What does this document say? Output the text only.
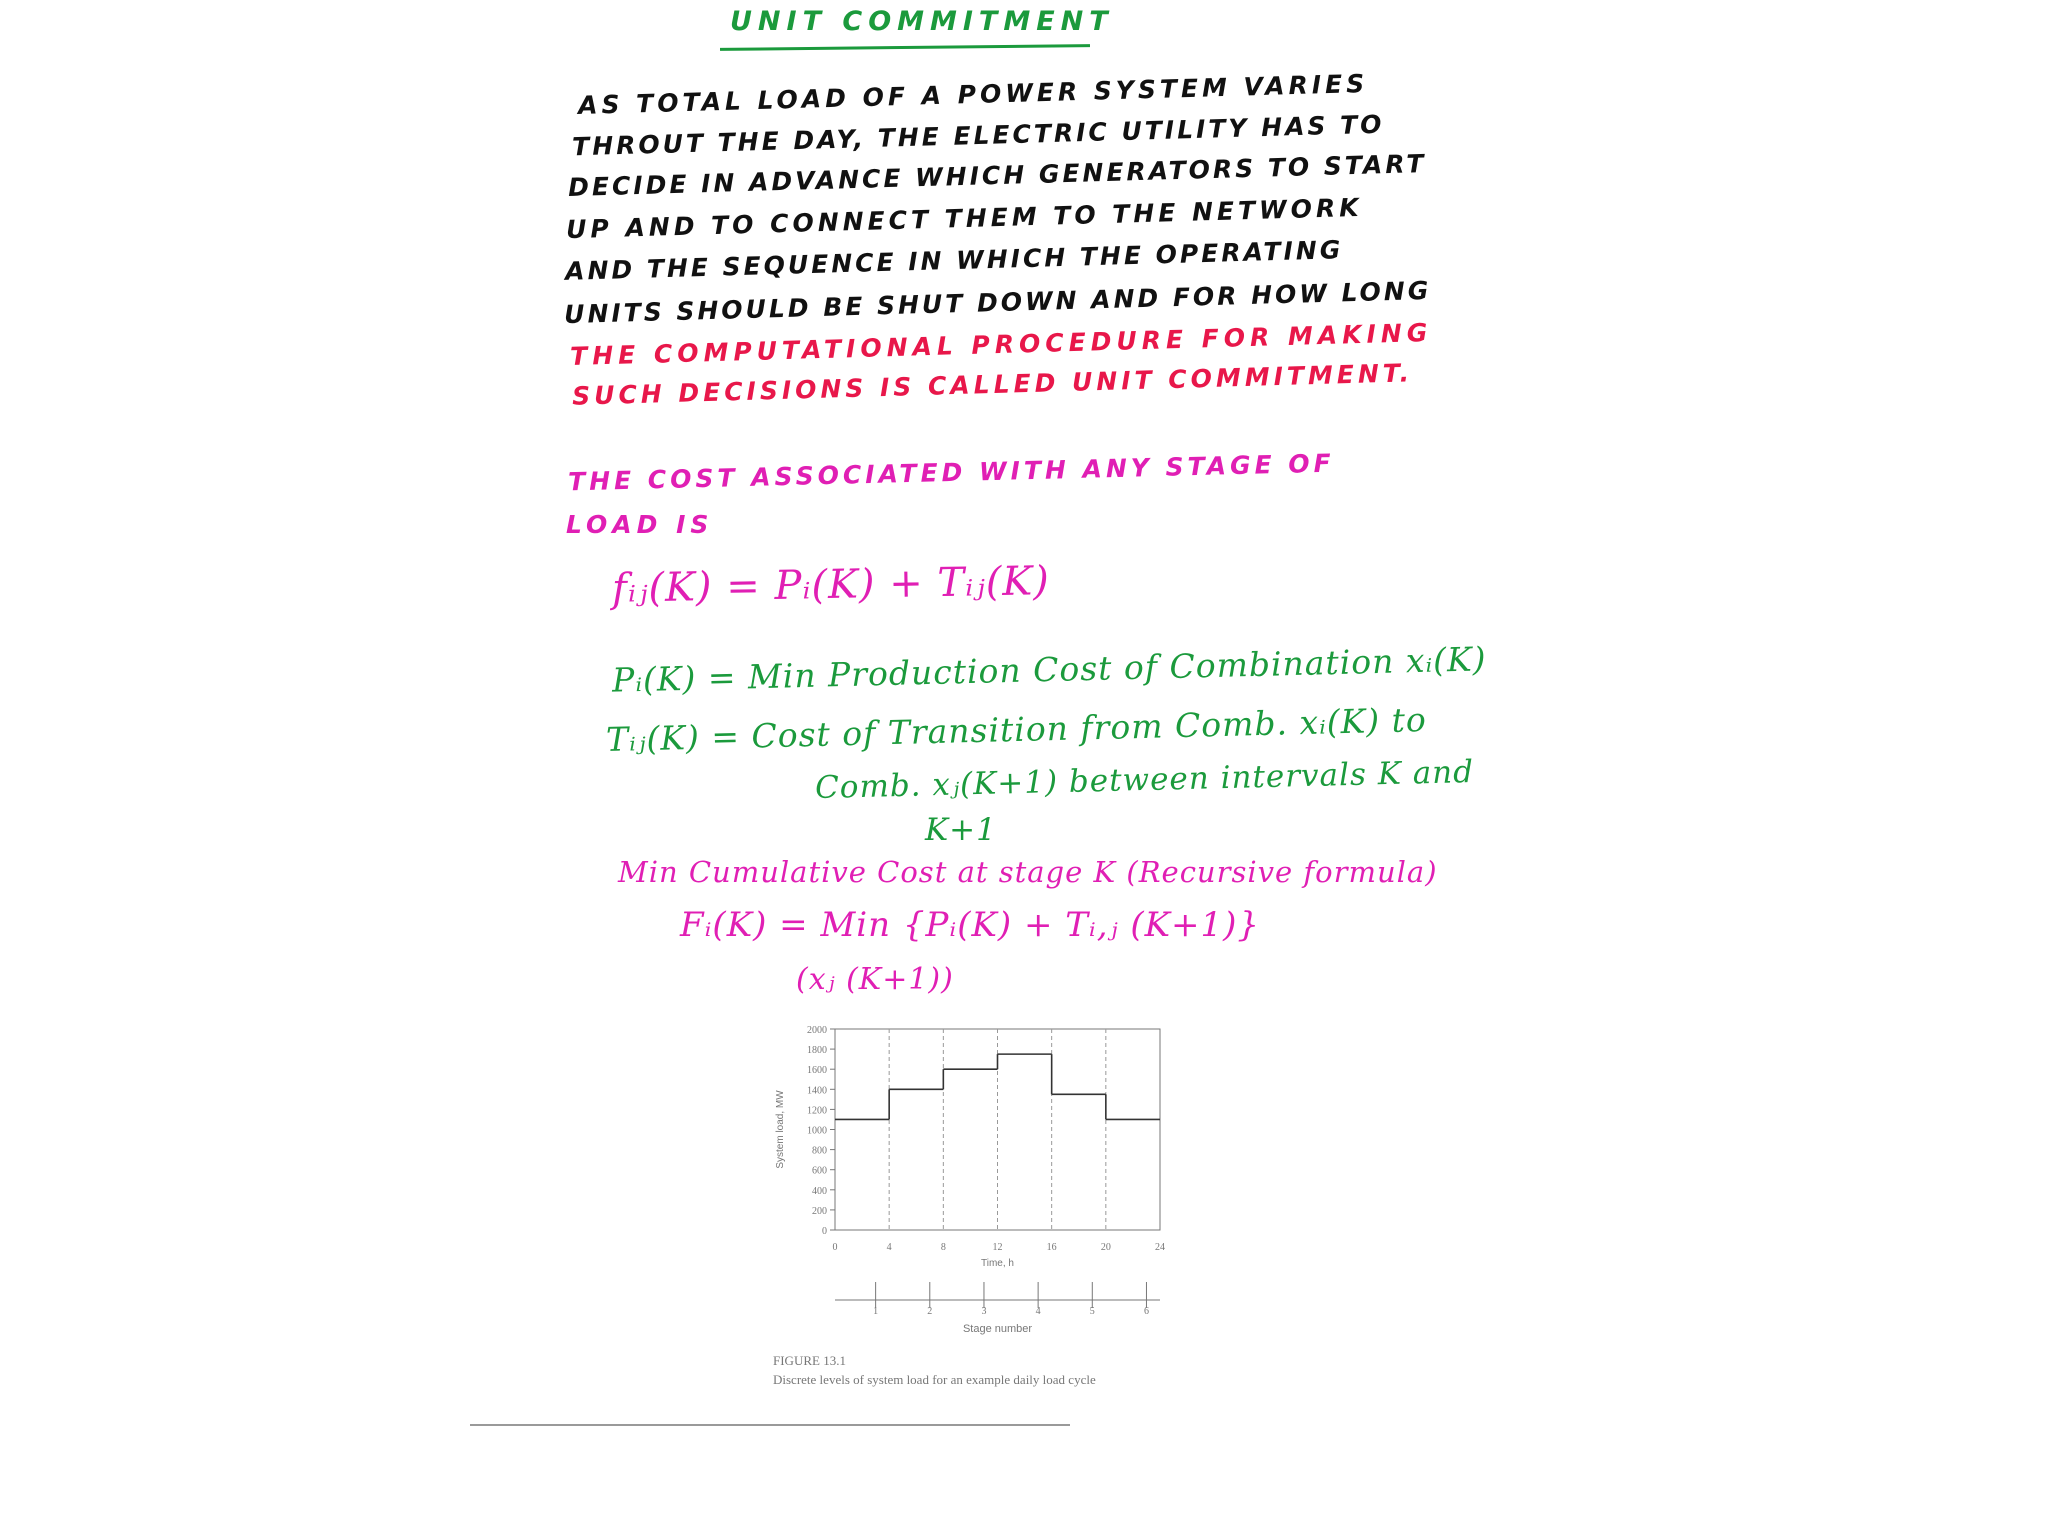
UNIT COMMITMENT
AS TOTAL LOAD OF A POWER SYSTEM VARIES
THROUT THE DAY, THE ELECTRIC UTILITY HAS TO
DECIDE IN ADVANCE WHICH GENERATORS TO START
UP AND TO CONNECT THEM TO THE NETWORK
AND THE SEQUENCE IN WHICH THE OPERATING
UNITS SHOULD BE SHUT DOWN AND FOR HOW LONG
THE COMPUTATIONAL PROCEDURE FOR MAKING
SUCH DECISIONS IS CALLED UNIT COMMITMENT.
THE COST ASSOCIATED WITH ANY STAGE OF
LOAD IS
fᵢⱼ(K) = Pᵢ(K) + Tᵢⱼ(K)
Pᵢ(K) = Min Production Cost of Combination xᵢ(K)
Tᵢⱼ(K) = Cost of Transition from Comb. xᵢ(K) to
Comb. xⱼ(K+1) between intervals K and
K+1
Min Cumulative Cost at stage K (Recursive formula)
Fᵢ(K) = Min {Pᵢ(K) + Tᵢ,ⱼ (K+1)}
(xⱼ (K+1))
0
200
400
600
800
1000
1200
1400
1600
1800
2000
0	4	8	12	16	20	24
System load, MW
Time, h
1	2	3	4	5	6
Stage number
FIGURE 13.1
Discrete levels of system load for an example daily load cycle
